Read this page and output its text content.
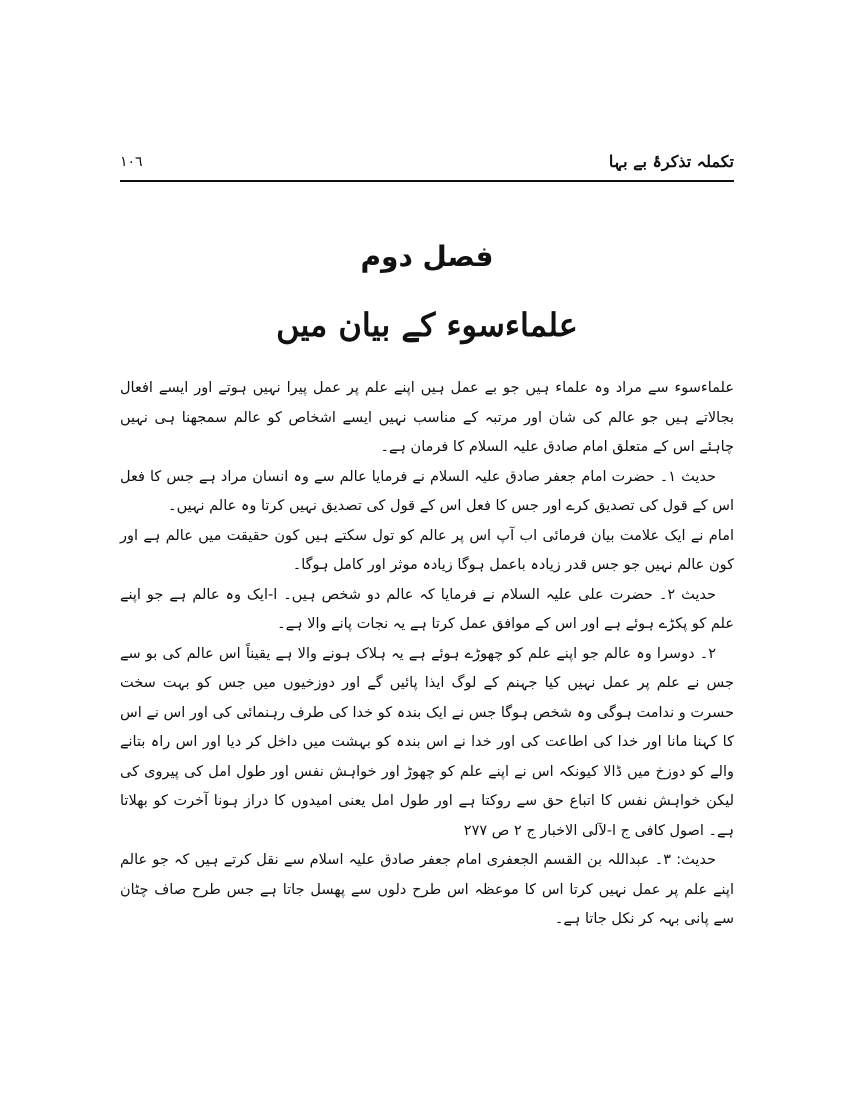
تکملہ تذکرۂ بے بہا
١٠٦
فصل دوم
علماءسوء کے بیان میں

علماءسوء سے مراد وہ علماء ہیں جو بے عمل ہیں اپنے علم پر عمل پیرا نہیں ہوتے اور ایسے افعال بجالاتے ہیں جو عالم کی شان اور مرتبہ کے مناسب نہیں ایسے اشخاص کو عالم سمجھنا ہی نہیں چاہئے اس کے متعلق امام صادق علیہ السلام کا فرمان ہے۔

حدیث ۱۔ حضرت امام جعفر صادق علیہ السلام نے فرمایا عالم سے وہ انسان مراد ہے جس کا فعل اس کے قول کی تصدیق کرے اور جس کا فعل اس کے قول کی تصدیق نہیں کرتا وہ عالم نہیں۔

امام نے ایک علامت بیان فرمائی اب آپ اس پر عالم کو تول سکتے ہیں کون حقیقت میں عالم ہے اور کون عالم نہیں جو جس قدر زیادہ باعمل ہوگا زیادہ موثر اور کامل ہوگا۔

حدیث ۲۔ حضرت علی علیہ السلام نے فرمایا کہ عالم دو شخص ہیں۔ ا-ایک وہ عالم ہے جو اپنے علم کو پکڑے ہوئے ہے اور اس کے موافق عمل کرتا ہے یہ نجات پانے والا ہے۔

۲۔ دوسرا وہ عالم جو اپنے علم کو چھوڑے ہوئے ہے یہ ہلاک ہونے والا ہے یقیناً اس عالم کی بو سے جس نے علم پر عمل نہیں کیا جہنم کے لوگ ایذا پائیں گے اور دوزخیوں میں جس کو بہت سخت حسرت و ندامت ہوگی وہ شخص ہوگا جس نے ایک بندہ کو خدا کی طرف رہنمائی کی اور اس نے اس کا کہنا مانا اور خدا کی اطاعت کی اور خدا نے اس بندہ کو بہشت میں داخل کر دیا اور اس راہ بتانے والے کو دوزخ میں ڈالا کیونکہ اس نے اپنے علم کو چھوڑ اور خواہش نفس اور طول امل کی پیروی کی لیکن خواہش نفس کا اتباع حق سے روکتا ہے اور طول امل یعنی امیدوں کا دراز ہونا آخرت کو بھلاتا ہے۔ اصول کافی ج ا-لآلی الاخبار ج ۲ ص ۲۷۷

حدیث: ۳۔ عبداللہ بن القسم الجعفری امام جعفر صادق علیہ اسلام سے نقل کرتے ہیں کہ جو عالم اپنے علم پر عمل نہیں کرتا اس کا موعظہ اس طرح دلوں سے پھسل جاتا ہے جس طرح صاف چٹان سے پانی بہہ کر نکل جاتا ہے۔
